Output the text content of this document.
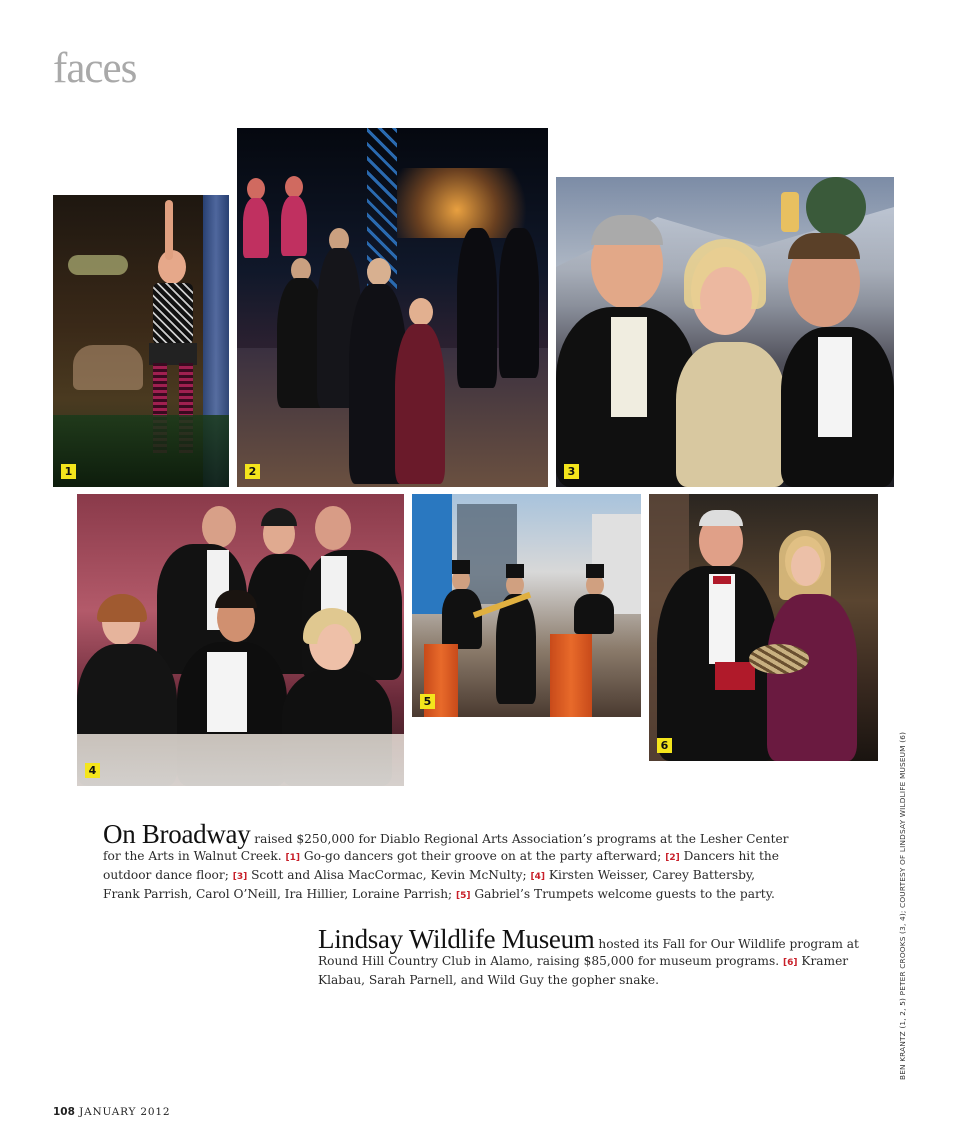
faces
1	2	3
4
5
6

On Broadway raised $250,000 for Diablo Regional Arts Association’s programs at the Lesher Center for the Arts in Walnut Creek. [1] Go-go dancers got their groove on at the party afterward; [2] Dancers hit the outdoor dance floor; [3] Scott and Alisa MacCormac, Kevin McNulty; [4] Kirsten Weisser, Carey Battersby, Frank Parrish, Carol O’Neill, Ira Hillier, Loraine Parrish; [5] Gabriel’s Trumpets welcome guests to the party.

Lindsay Wildlife Museum hosted its Fall for Our Wildlife program at Round Hill Country Club in Alamo, raising $85,000 for museum programs. [6] Kramer Klabau, Sarah Parnell, and Wild Guy the gopher snake.	BEN KRANTZ (1, 2, 5) PETER CROOKS (3, 4); COURTESY OF LINDSAY WILDLIFE MUSEUM (6)
108 JANUARY 2012
